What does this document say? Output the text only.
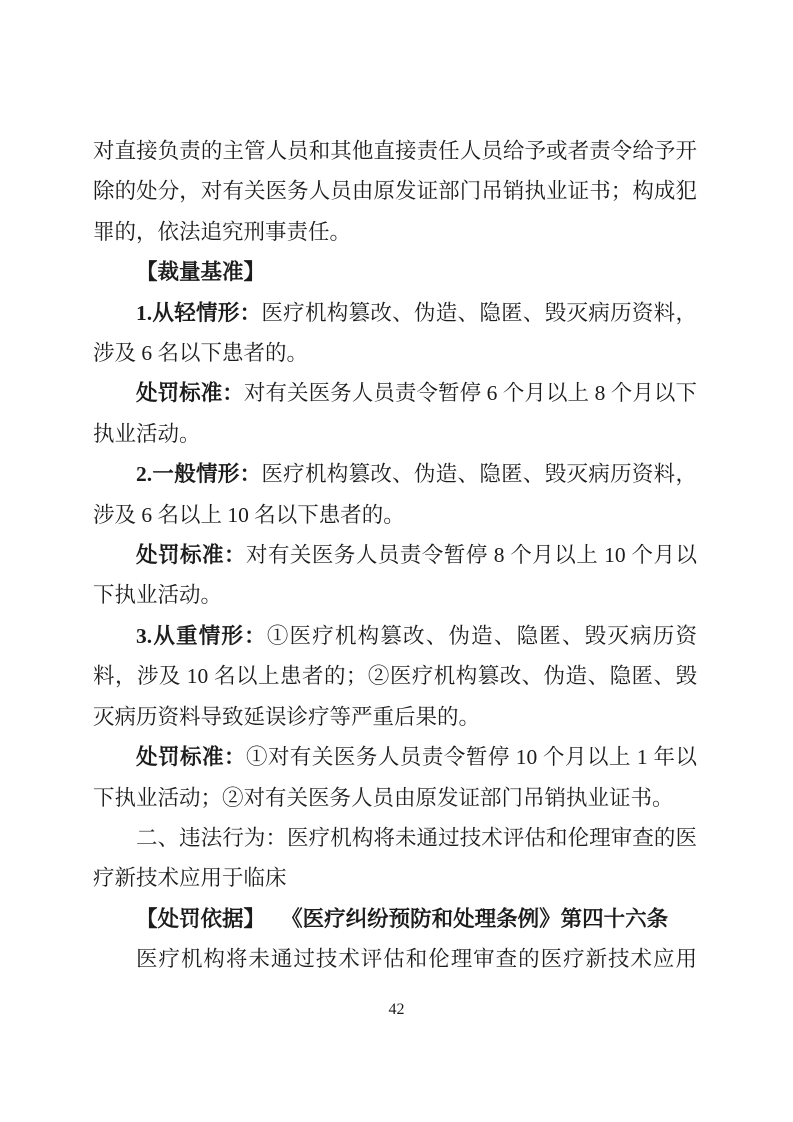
对直接负责的主管人员和其他直接责任人员给予或者责令给予开除的处分，对有关医务人员由原发证部门吊销执业证书；构成犯罪的，依法追究刑事责任。

【裁量基准】

1.从轻情形：医疗机构篡改、伪造、隐匿、毁灭病历资料，涉及 6 名以下患者的。

处罚标准：对有关医务人员责令暂停 6 个月以上 8 个月以下执业活动。

2.一般情形：医疗机构篡改、伪造、隐匿、毁灭病历资料，涉及 6 名以上 10 名以下患者的。

处罚标准：对有关医务人员责令暂停 8 个月以上 10 个月以下执业活动。

3.从重情形：①医疗机构篡改、伪造、隐匿、毁灭病历资料，涉及 10 名以上患者的；②医疗机构篡改、伪造、隐匿、毁灭病历资料导致延误诊疗等严重后果的。

处罚标准：①对有关医务人员责令暂停 10 个月以上 1 年以下执业活动；②对有关医务人员由原发证部门吊销执业证书。

二、违法行为：医疗机构将未通过技术评估和伦理审查的医疗新技术应用于临床

【处罚依据】　 《医疗纠纷预防和处理条例》第四十六条

医疗机构将未通过技术评估和伦理审查的医疗新技术应用

42
